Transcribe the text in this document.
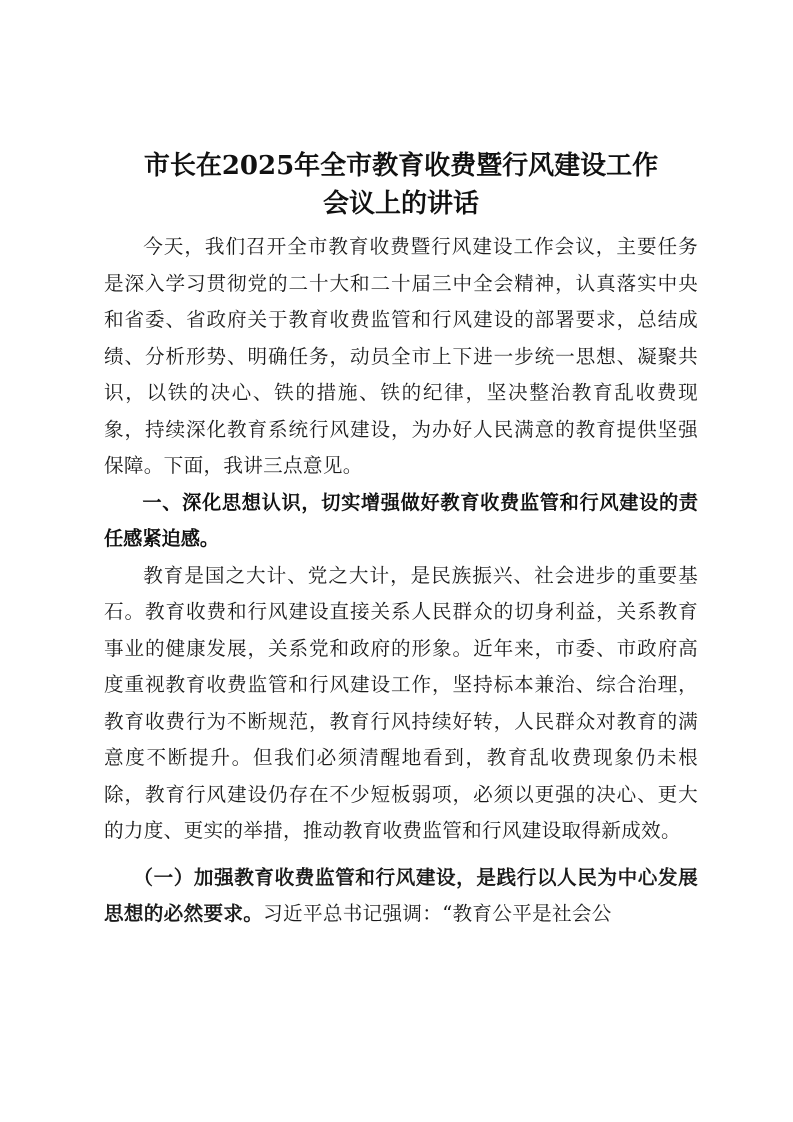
市长在2025年全市教育收费暨行风建设工作
会议上的讲话

今天，我们召开全市教育收费暨行风建设工作会议，主要任务是深入学习贯彻党的二十大和二十届三中全会精神，认真落实中央和省委、省政府关于教育收费监管和行风建设的部署要求，总结成绩、分析形势、明确任务，动员全市上下进一步统一思想、凝聚共识，以铁的决心、铁的措施、铁的纪律，坚决整治教育乱收费现象，持续深化教育系统行风建设，为办好人民满意的教育提供坚强保障。下面，我讲三点意见。

一、深化思想认识，切实增强做好教育收费监管和行风建设的责任感紧迫感。

教育是国之大计、党之大计，是民族振兴、社会进步的重要基石。教育收费和行风建设直接关系人民群众的切身利益，关系教育事业的健康发展，关系党和政府的形象。近年来，市委、市政府高度重视教育收费监管和行风建设工作，坚持标本兼治、综合治理，教育收费行为不断规范，教育行风持续好转，人民群众对教育的满意度不断提升。但我们必须清醒地看到，教育乱收费现象仍未根除，教育行风建设仍存在不少短板弱项，必须以更强的决心、更大的力度、更实的举措，推动教育收费监管和行风建设取得新成效。

（一）加强教育收费监管和行风建设，是践行以人民为中心发展思想的必然要求。习近平总书记强调：“教育公平是社会公
